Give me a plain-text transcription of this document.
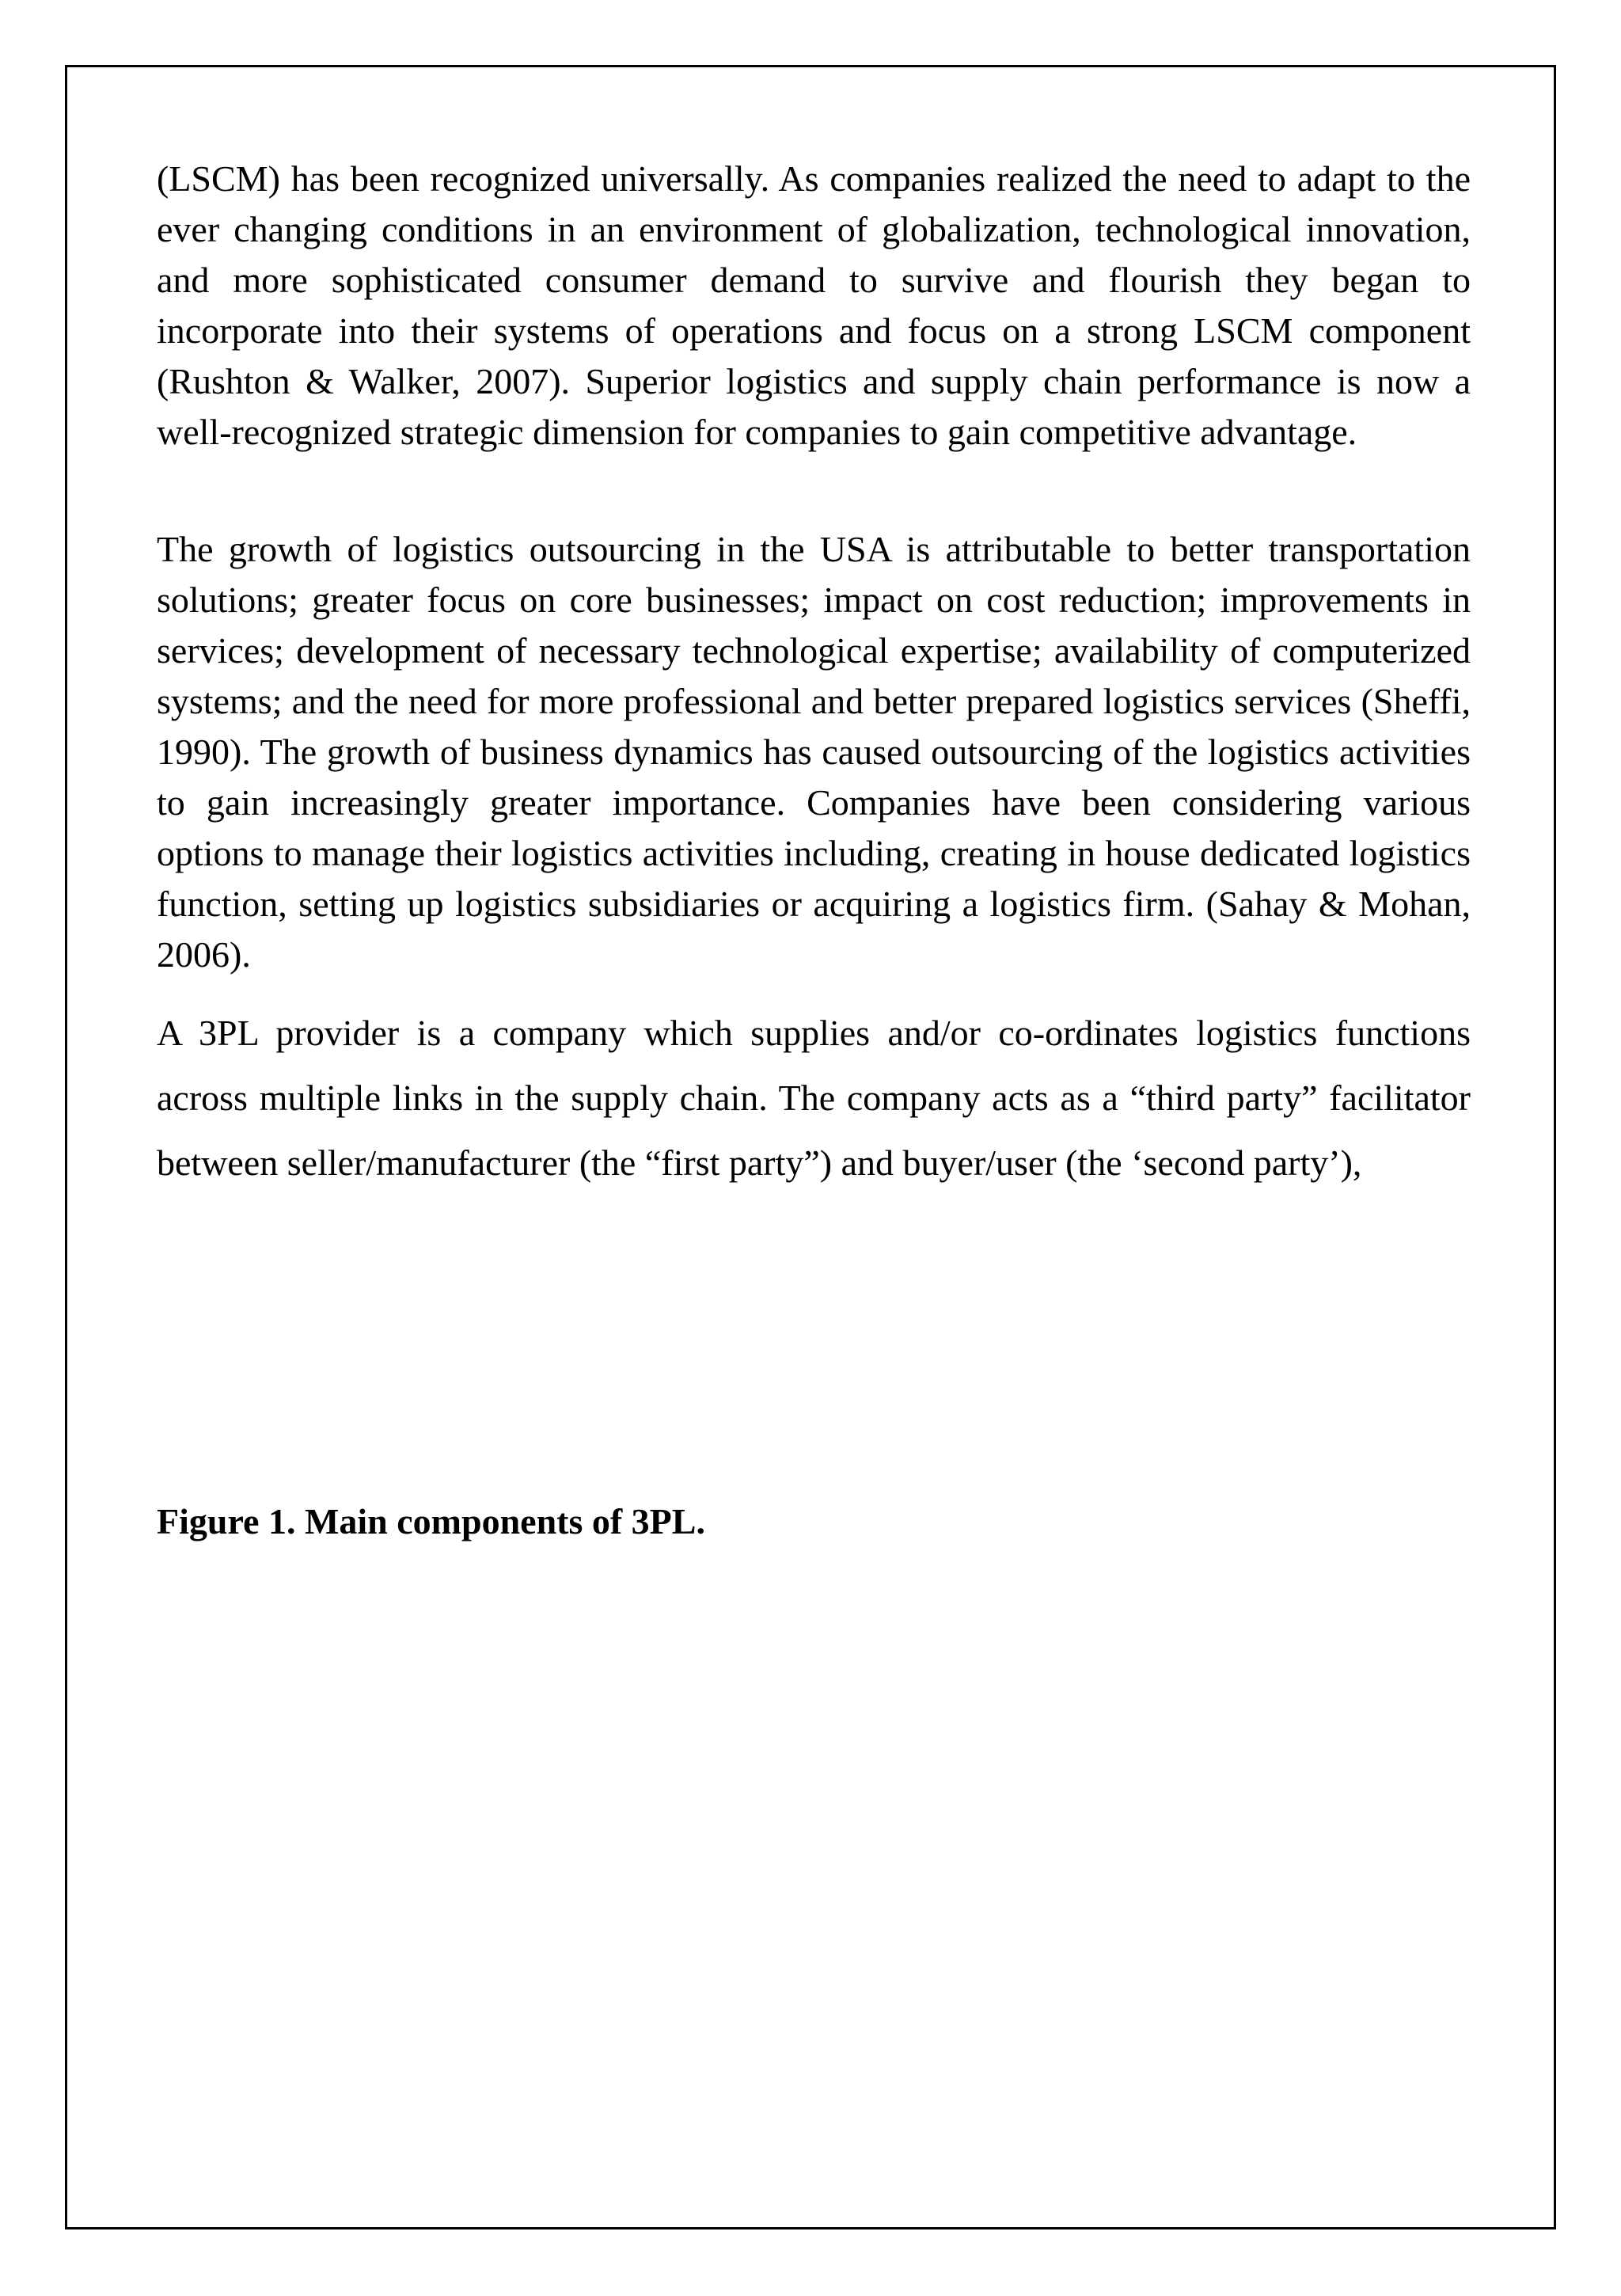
(LSCM) has been recognized universally. As companies realized the need to adapt to the ever changing conditions in an environment of globalization, technological innovation, and more sophisticated consumer demand to survive and flourish they began to incorporate into their systems of operations and focus on a strong LSCM component (Rushton & Walker, 2007). Superior logistics and supply chain performance is now a well-recognized strategic dimension for companies to gain competitive advantage.

The growth of logistics outsourcing in the USA is attributable to better transportation solutions; greater focus on core businesses; impact on cost reduction; improvements in services; development of necessary technological expertise; availability of computerized systems; and the need for more professional and better prepared logistics services (Sheffi, 1990). The growth of business dynamics has caused outsourcing of the logistics activities to gain increasingly greater importance. Companies have been considering various options to manage their logistics activities including, creating in house dedicated logistics function, setting up logistics subsidiaries or acquiring a logistics firm. (Sahay & Mohan, 2006).

A 3PL provider is a company which supplies and/or co-ordinates logistics functions across multiple links in the supply chain. The company acts as a “third party” facilitator between seller/manufacturer (the “first party”) and buyer/user (the ‘second party’),

Figure 1. Main components of 3PL.
